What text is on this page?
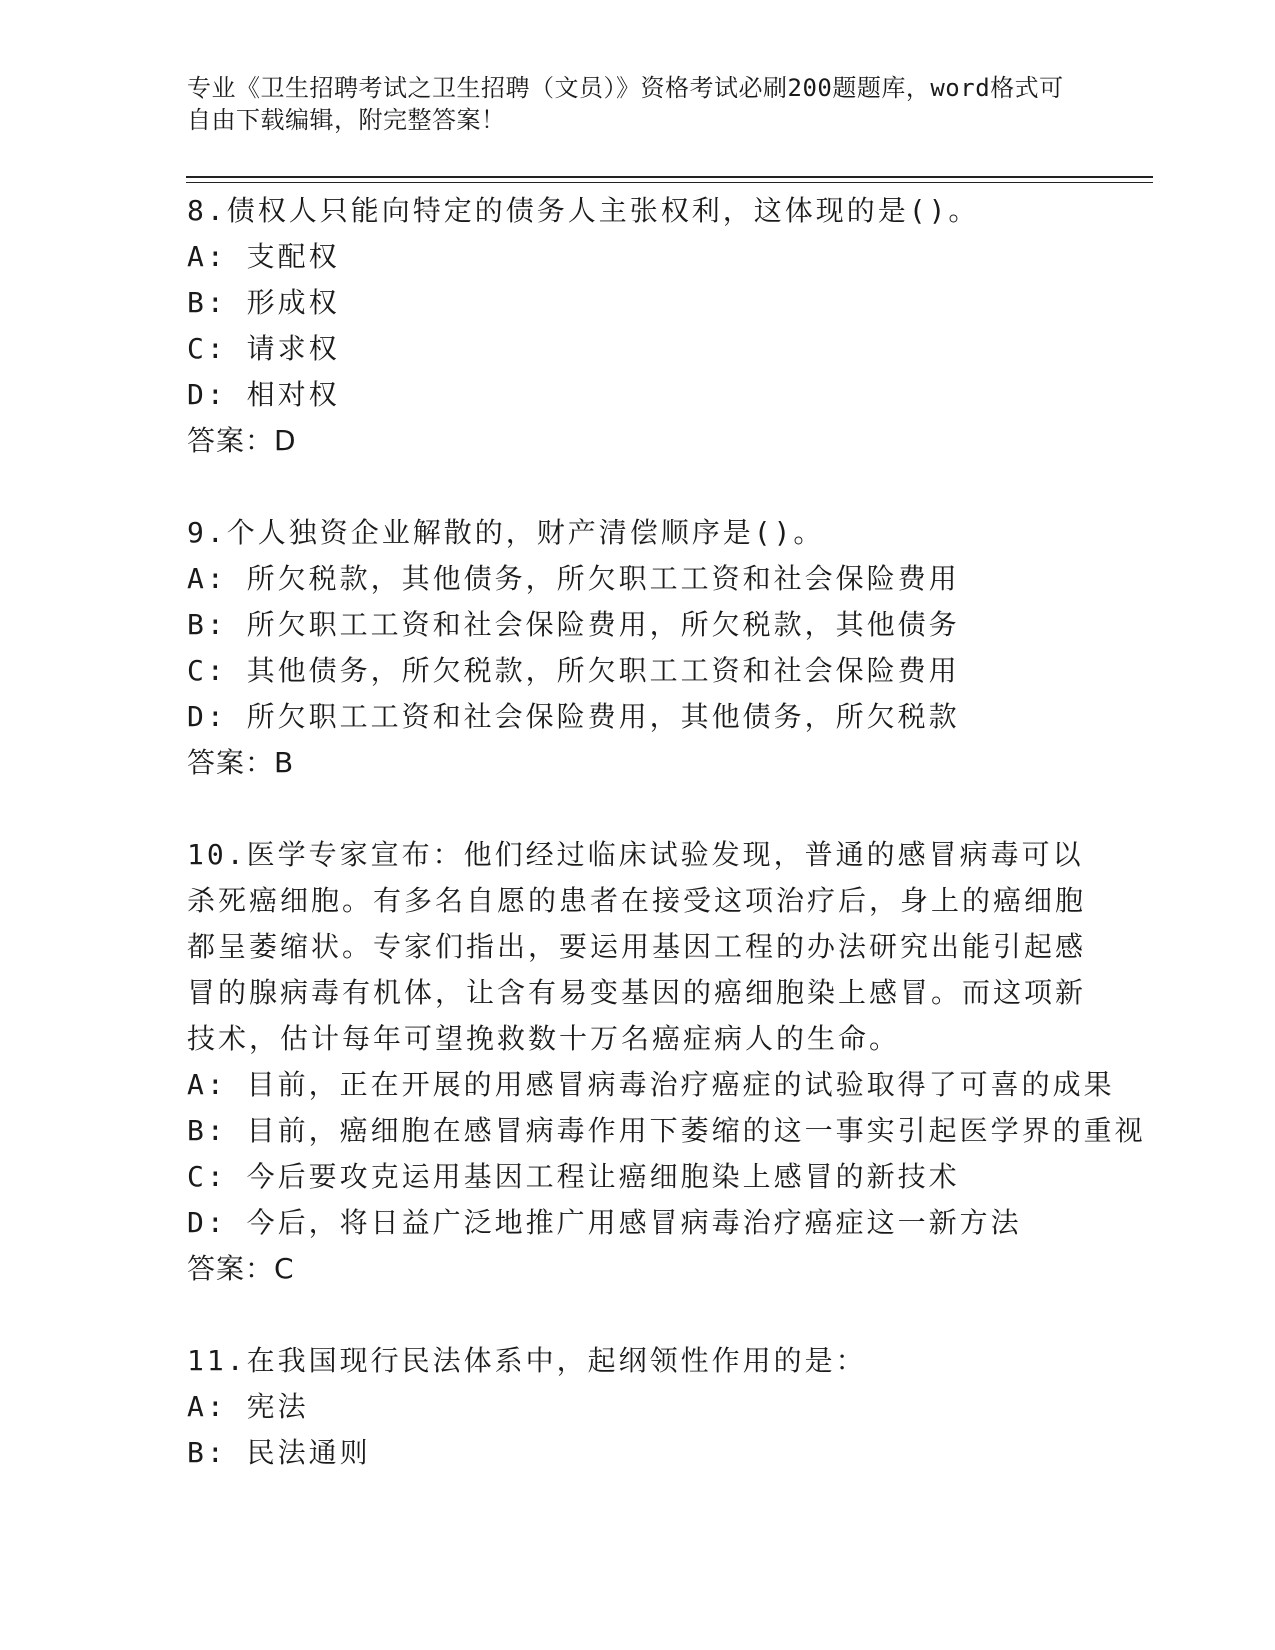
专业《卫生招聘考试之卫生招聘（文员）》资格考试必刷200题题库，word格式可自由下载编辑，附完整答案！
8.债权人只能向特定的债务人主张权利，这体现的是()。
A: 支配权
B: 形成权
C: 请求权
D: 相对权
答案：D
9.个人独资企业解散的，财产清偿顺序是()。
A: 所欠税款，其他债务，所欠职工工资和社会保险费用
B: 所欠职工工资和社会保险费用，所欠税款，其他债务
C: 其他债务，所欠税款，所欠职工工资和社会保险费用
D: 所欠职工工资和社会保险费用，其他债务，所欠税款
答案：B
10.医学专家宣布：他们经过临床试验发现，普通的感冒病毒可以杀死癌细胞。有多名自愿的患者在接受这项治疗后，身上的癌细胞都呈萎缩状。专家们指出，要运用基因工程的办法研究出能引起感冒的腺病毒有机体，让含有易变基因的癌细胞染上感冒。而这项新技术，估计每年可望挽救数十万名癌症病人的生命。
A: 目前，正在开展的用感冒病毒治疗癌症的试验取得了可喜的成果
B: 目前，癌细胞在感冒病毒作用下萎缩的这一事实引起医学界的重视
C: 今后要攻克运用基因工程让癌细胞染上感冒的新技术
D: 今后，将日益广泛地推广用感冒病毒治疗癌症这一新方法
答案：C
11.在我国现行民法体系中，起纲领性作用的是：
A: 宪法
B: 民法通则
